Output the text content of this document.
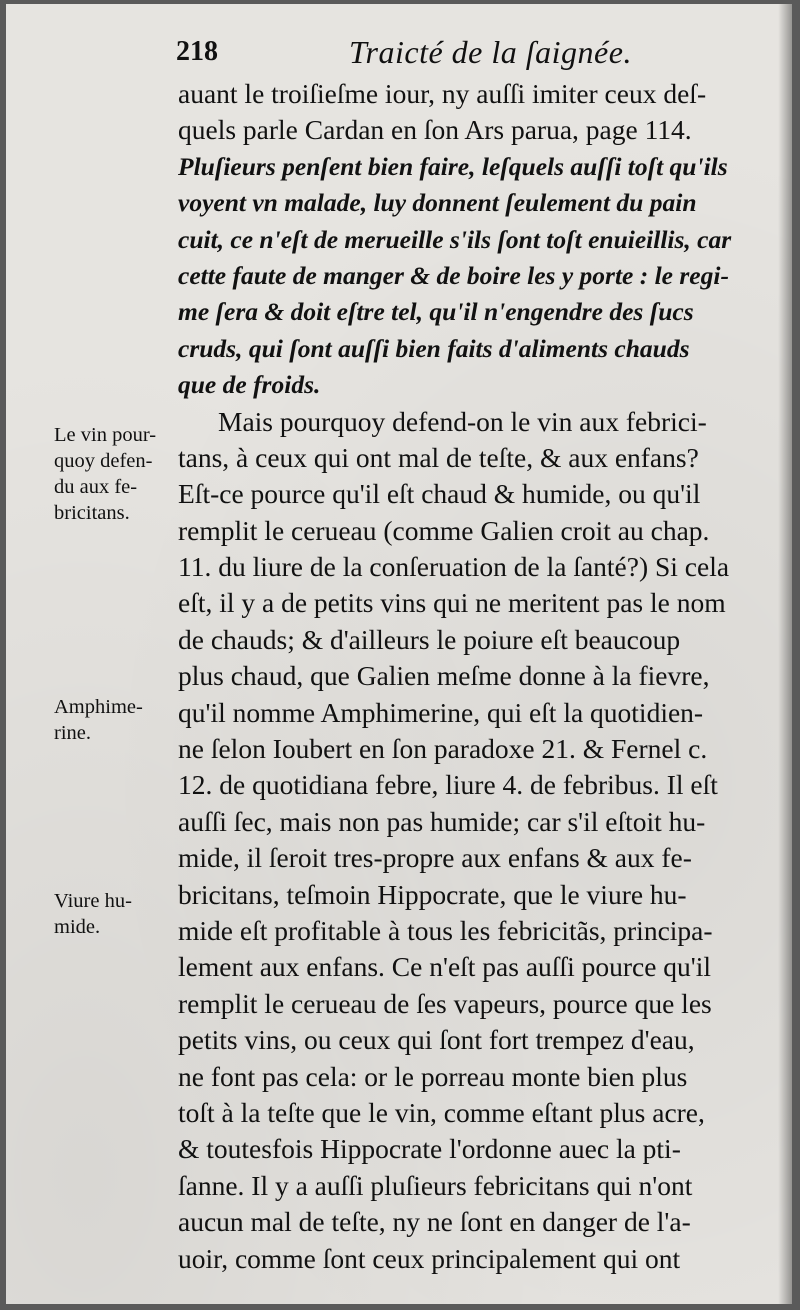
218	Traicté de la ſaignée.
auant le troiſieſme iour, ny auſſi imiter ceux deſ-
quels parle Cardan en ſon Ars parua, page 114.
Pluſieurs penſent bien faire, leſquels auſſi toſt qu'ils
voyent vn malade, luy donnent ſeulement du pain
cuit, ce n'eſt de merueille s'ils ſont toſt enuieillis, car
cette faute de manger & de boire les y porte : le regi-
me ſera & doit eſtre tel, qu'il n'engendre des ſucs
cruds, qui ſont auſſi bien faits d'aliments chauds
que de froids.
Mais pourquoy defend-on le vin aux febrici-
tans, à ceux qui ont mal de teſte, & aux enfans?
Eſt-ce pource qu'il eſt chaud & humide, ou qu'il
remplit le cerueau (comme Galien croit au chap.
11. du liure de la conſeruation de la ſanté?) Si cela
eſt, il y a de petits vins qui ne meritent pas le nom
de chauds; & d'ailleurs le poiure eſt beaucoup
plus chaud, que Galien meſme donne à la fievre,
qu'il nomme Amphimerine, qui eſt la quotidien-
ne ſelon Ioubert en ſon paradoxe 21. & Fernel c.
12. de quotidiana febre, liure 4. de febribus. Il eſt
auſſi ſec, mais non pas humide; car s'il eſtoit hu-
mide, il ſeroit tres-propre aux enfans & aux fe-
bricitans, teſmoin Hippocrate, que le viure hu-
mide eſt profitable à tous les febricitãs, principa-
lement aux enfans. Ce n'eſt pas auſſi pource qu'il
remplit le cerueau de ſes vapeurs, pource que les
petits vins, ou ceux qui ſont fort trempez d'eau,
ne font pas cela: or le porreau monte bien plus
toſt à la teſte que le vin, comme eſtant plus acre,
& toutesfois Hippocrate l'ordonne auec la pti-
ſanne. Il y a auſſi pluſieurs febricitans qui n'ont
aucun mal de teſte, ny ne ſont en danger de l'a-
uoir, comme ſont ceux principalement qui ont
Le vin pour-
quoy defen-
du aux fe-
bricitans.
Amphime-
rine.
Viure hu-
mide.
